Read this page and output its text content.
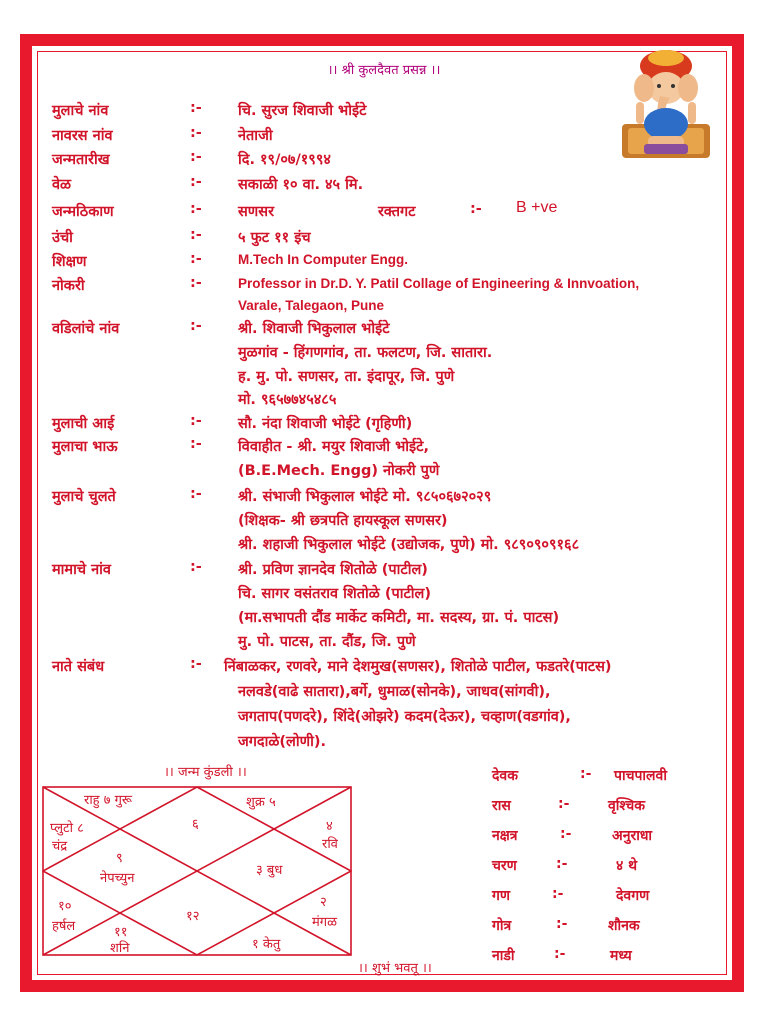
।। श्री कुलदैवत प्रसन्न ।।
मुलाचे नांव	:- चि. सुरज शिवाजी भोईटे
नावरस नांव	:- नेताजी
जन्मतारीख	:- दि. १९/०७/१९९४
वेळ	:- सकाळी १० वा. ४५ मि.
जन्मठिकाण	:- सणसर	रक्तगट	:- B +ve
उंची	:- ५ फुट ११ इंच
शिक्षण	:-	M.Tech In Computer Engg.
नोकरी	:-	Professor in Dr.D. Y. Patil Collage of Engineering & Innvoation,
Varale, Talegaon, Pune
वडिलांचे नांव	:- श्री. शिवाजी भिकुलाल भोईटे
मुळगांव - हिंगणगांव, ता. फलटण, जि. सातारा.
ह. मु. पो. सणसर, ता. इंदापूर, जि. पुणे
मो. ९६५७७४५४८५
मुलाची आई	:- सौ. नंदा शिवाजी भोईटे (गृहिणी)
मुलाचा भाऊ	:- विवाहीत - श्री. मयुर शिवाजी भोईटे,
(B.E.Mech. Engg) नोकरी पुणे
मुलाचे चुलते	:- श्री. संभाजी भिकुलाल भोईटे मो. ९८५०६७२०२९
(शिक्षक- श्री छत्रपति हायस्कूल सणसर)
श्री. शहाजी भिकुलाल भोईटे (उद्योजक, पुणे) मो. ९८९०९०९१६८
मामाचे नांव	:- श्री. प्रविण ज्ञानदेव शितोळे (पाटील)
चि. सागर वसंतराव शितोळे (पाटील)
(मा.सभापती दौंड मार्केट कमिटी, मा. सदस्य, ग्रा. पं. पाटस)
मु. पो. पाटस, ता. दौंड, जि. पुणे
नाते संबंध	:- निंबाळकर, रणवरे, माने देशमुख(सणसर), शितोळे पाटील, फडतरे(पाटस)
नलवडे(वाढे सातारा),बर्गे, धुमाळ(सोनके), जाधव(सांगवी),
जगताप(पणदरे), शिंदे(ओझरे) कदम(देऊर), चव्हाण(वडगांव),
जगदाळे(लोणी).
।। जन्म कुंडली ।।
राहु ७ गुरू
प्लुटो ८
चंद्र
६
शुक्र ५
४
रवि
९
नेपच्युन
३ बुध
१०
हर्षल	११
शनि
१२
२
मंगळ
१ केतु
देवक	:- पाचपालवी
रास	:-	वृश्चिक
नक्षत्र	:-	अनुराधा
चरण	:-	४ थे
गण	:-	देवगण
गोत्र	:-	शौनक
नाडी	:-	मध्य
।। शुभं भवतू ।।
